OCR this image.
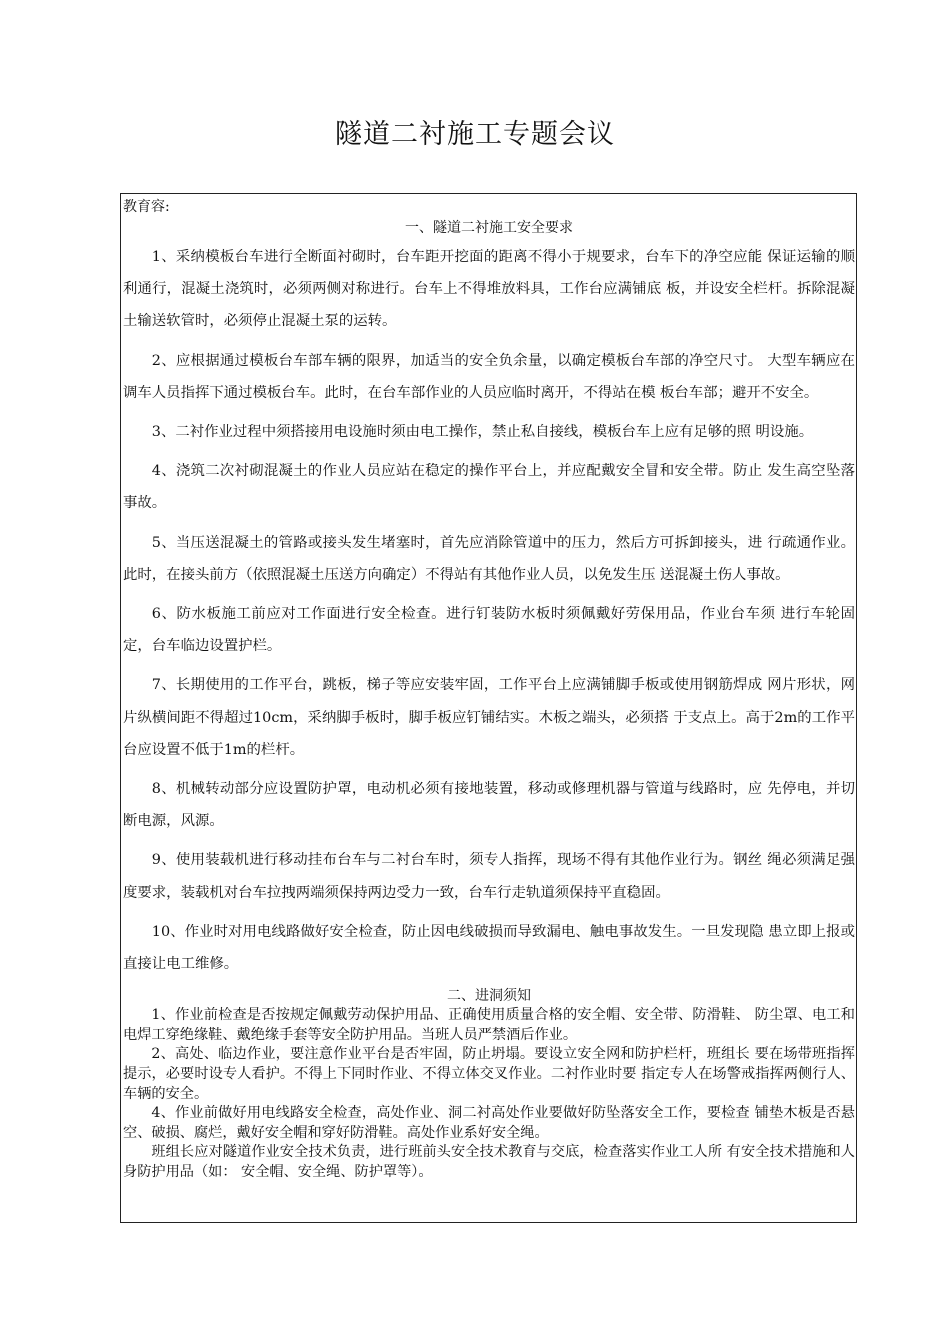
隧道二衬施工专题会议
教育容:
一、隧道二衬施工安全要求

1、采纳模板台车进行全断面衬砌时，台车距开挖面的距离不得小于规要求，台车下的净空应能 保证运输的顺利通行，混凝土浇筑时，必须两侧对称进行。台车上不得堆放料具，工作台应满铺底 板，并设安全栏杆。拆除混凝土输送软管时，必须停止混凝土泵的运转。

2、应根据通过模板台车部车辆的限界，加适当的安全负余量，以确定模板台车部的净空尺寸。 大型车辆应在调车人员指挥下通过模板台车。此时，在台车部作业的人员应临时离开，不得站在模 板台车部；避开不安全。

3、二衬作业过程中须搭接用电设施时须由电工操作，禁止私自接线，模板台车上应有足够的照 明设施。

4、浇筑二次衬砌混凝土的作业人员应站在稳定的操作平台上，并应配戴安全冒和安全带。防止 发生高空坠落事故。

5、当压送混凝土的管路或接头发生堵塞时，首先应消除管道中的压力，然后方可拆卸接头，进 行疏通作业。此时，在接头前方（依照混凝土压送方向确定）不得站有其他作业人员，以免发生压 送混凝土伤人事故。

6、防水板施工前应对工作面进行安全检查。进行钉装防水板时须佩戴好劳保用品，作业台车须 进行车轮固定，台车临边设置护栏。

7、长期使用的工作平台，跳板，梯子等应安装牢固，工作平台上应满铺脚手板或使用钢筋焊成 网片形状，网片纵横间距不得超过10cm，采纳脚手板时，脚手板应钉铺结实。木板之端头，必须搭 于支点上。高于2m的工作平台应设置不低于1m的栏杆。

8、机械转动部分应设置防护罩，电动机必须有接地装置，移动或修理机器与管道与线路时，应 先停电，并切断电源，风源。

9、使用装载机进行移动挂布台车与二衬台车时，须专人指挥，现场不得有其他作业行为。钢丝 绳必须满足强度要求，装载机对台车拉拽两端须保持两边受力一致，台车行走轨道须保持平直稳固。

10、作业时对用电线路做好安全检查，防止因电线破损而导致漏电、触电事故发生。一旦发现隐 患立即上报或直接让电工维修。

二、进洞须知

1、作业前检查是否按规定佩戴劳动保护用品、正确使用质量合格的安全帽、安全带、防滑鞋、 防尘罩、电工和电焊工穿绝缘鞋、戴绝缘手套等安全防护用品。当班人员严禁酒后作业。

2、高处、临边作业，要注意作业平台是否牢固，防止坍塌。要设立安全网和防护栏杆，班组长 要在场带班指挥提示，必要时设专人看护。不得上下同时作业、不得立体交叉作业。二衬作业时要 指定专人在场警戒指挥两侧行人、车辆的安全。

4、作业前做好用电线路安全检查，高处作业、洞二衬高处作业要做好防坠落安全工作，要检查 铺垫木板是否悬空、破损、腐烂，戴好安全帽和穿好防滑鞋。高处作业系好安全绳。

班组长应对隧道作业安全技术负责，进行班前头安全技术教育与交底，检查落实作业工人所 有安全技术措施和人身防护用品（如： 安全帽、安全绳、防护罩等）。
